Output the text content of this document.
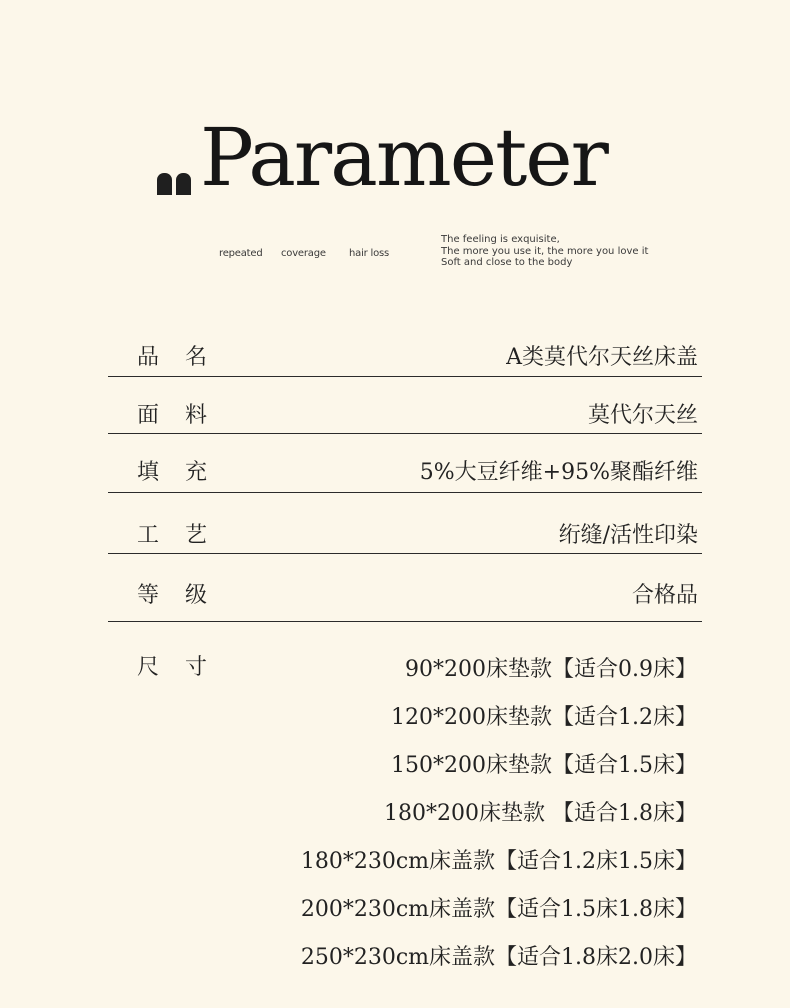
Parameter
repeated coverage hair loss
The feeling is exquisite,
The more you use it, the more you love it
Soft and close to the body
品名	A类莫代尔天丝床盖
面料	莫代尔天丝
填充	5%大豆纤维+95%聚酯纤维
工艺	绗缝/活性印染
等级	合格品
尺寸	90*200床垫款【适合0.9床】
120*200床垫款【适合1.2床】
150*200床垫款【适合1.5床】
180*200床垫款 【适合1.8床】
180*230cm床盖款【适合1.2床1.5床】
200*230cm床盖款【适合1.5床1.8床】
250*230cm床盖款【适合1.8床2.0床】
